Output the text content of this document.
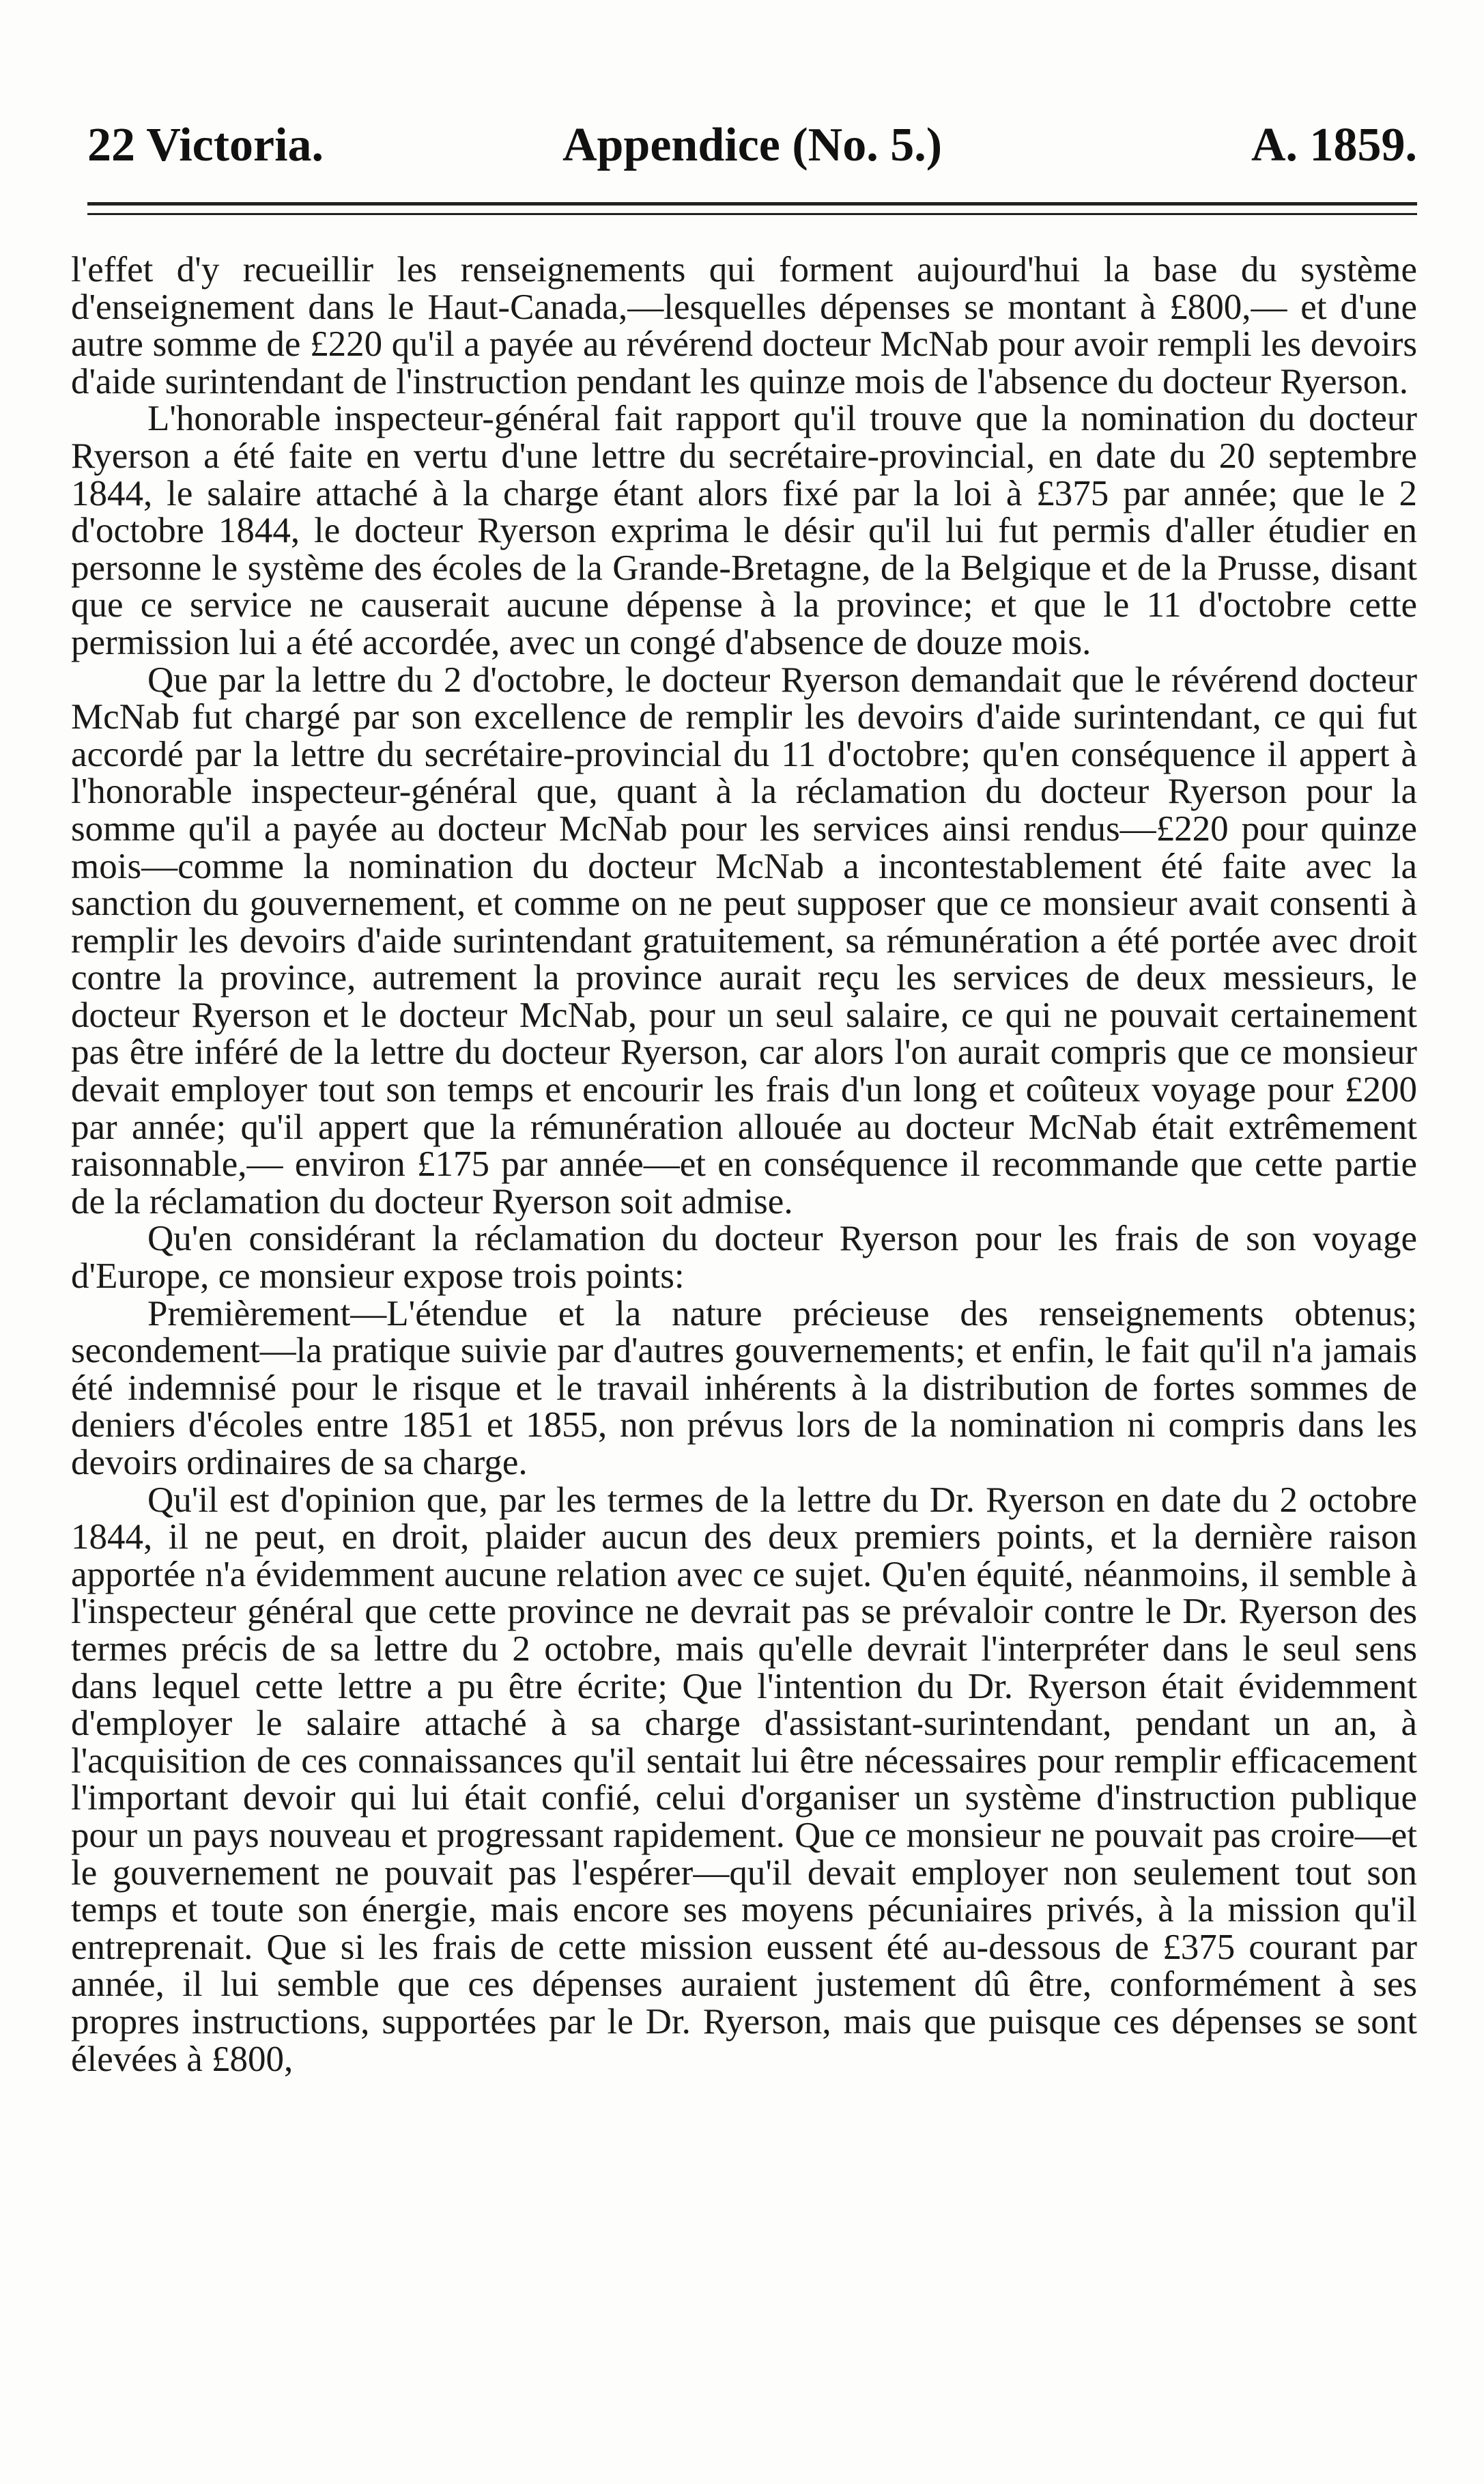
22 Victoria.	Appendice (No. 5.)	A. 1859.

l'effet d'y recueillir les renseignements qui forment aujourd'hui la base du système d'enseignement dans le Haut-Canada,—lesquelles dépenses se montant à £800,— et d'une autre somme de £220 qu'il a payée au révérend docteur McNab pour avoir rempli les devoirs d'aide surintendant de l'instruction pendant les quinze mois de l'absence du docteur Ryerson.

L'honorable inspecteur-général fait rapport qu'il trouve que la nomination du docteur Ryerson a été faite en vertu d'une lettre du secrétaire-provincial, en date du 20 septembre 1844, le salaire attaché à la charge étant alors fixé par la loi à £375 par année; que le 2 d'octobre 1844, le docteur Ryerson exprima le désir qu'il lui fut permis d'aller étudier en personne le système des écoles de la Grande-Bretagne, de la Belgique et de la Prusse, disant que ce service ne causerait aucune dépense à la province; et que le 11 d'octobre cette permission lui a été accordée, avec un congé d'absence de douze mois.

Que par la lettre du 2 d'octobre, le docteur Ryerson demandait que le révérend docteur McNab fut chargé par son excellence de remplir les devoirs d'aide surintendant, ce qui fut accordé par la lettre du secrétaire-provincial du 11 d'octobre; qu'en conséquence il appert à l'honorable inspecteur-général que, quant à la réclamation du docteur Ryerson pour la somme qu'il a payée au docteur McNab pour les services ainsi rendus—£220 pour quinze mois—comme la nomination du docteur McNab a incontestablement été faite avec la sanction du gouvernement, et comme on ne peut supposer que ce monsieur avait consenti à remplir les devoirs d'aide surintendant gratuitement, sa rémunération a été portée avec droit contre la province, autrement la province aurait reçu les services de deux messieurs, le docteur Ryerson et le docteur McNab, pour un seul salaire, ce qui ne pouvait certainement pas être inféré de la lettre du docteur Ryerson, car alors l'on aurait compris que ce monsieur devait employer tout son temps et encourir les frais d'un long et coûteux voyage pour £200 par année; qu'il appert que la rémunération allouée au docteur McNab était extrêmement raisonnable,— environ £175 par année—et en conséquence il recommande que cette partie de la réclamation du docteur Ryerson soit admise.

Qu'en considérant la réclamation du docteur Ryerson pour les frais de son voyage d'Europe, ce monsieur expose trois points:

Premièrement—L'étendue et la nature précieuse des renseignements obtenus; secondement—la pratique suivie par d'autres gouvernements; et enfin, le fait qu'il n'a jamais été indemnisé pour le risque et le travail inhérents à la distribution de fortes sommes de deniers d'écoles entre 1851 et 1855, non prévus lors de la nomination ni compris dans les devoirs ordinaires de sa charge.

Qu'il est d'opinion que, par les termes de la lettre du Dr. Ryerson en date du 2 octobre 1844, il ne peut, en droit, plaider aucun des deux premiers points, et la dernière raison apportée n'a évidemment aucune relation avec ce sujet. Qu'en équité, néanmoins, il semble à l'inspecteur général que cette province ne devrait pas se prévaloir contre le Dr. Ryerson des termes précis de sa lettre du 2 octobre, mais qu'elle devrait l'interpréter dans le seul sens dans lequel cette lettre a pu être écrite; Que l'intention du Dr. Ryerson était évidemment d'employer le salaire attaché à sa charge d'assistant-surintendant, pendant un an, à l'acquisition de ces connaissances qu'il sentait lui être nécessaires pour remplir efficacement l'important devoir qui lui était confié, celui d'organiser un système d'instruction publique pour un pays nouveau et progressant rapidement. Que ce monsieur ne pouvait pas croire—et le gouvernement ne pouvait pas l'espérer—qu'il devait employer non seulement tout son temps et toute son énergie, mais encore ses moyens pécuniaires privés, à la mission qu'il entreprenait. Que si les frais de cette mission eussent été au-dessous de £375 courant par année, il lui semble que ces dépenses auraient justement dû être, conformément à ses propres instructions, supportées par le Dr. Ryerson, mais que puisque ces dépenses se sont élevées à £800,
